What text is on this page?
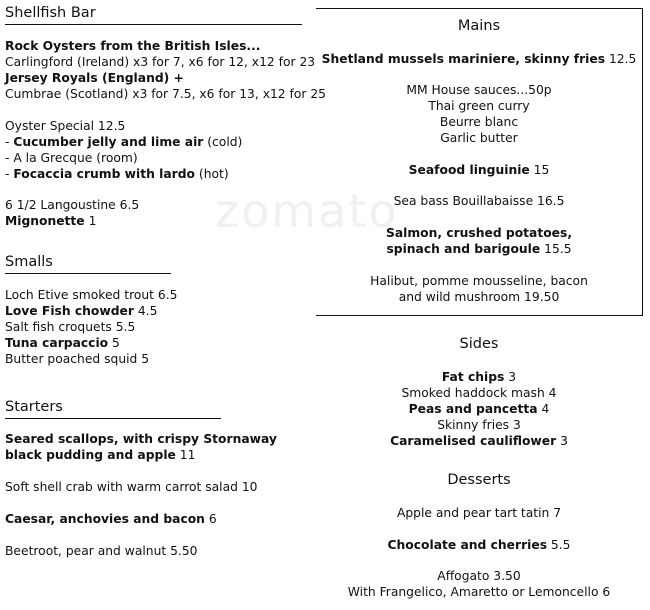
zomato
Shellfish Bar
Rock Oysters from the British Isles...
Carlingford (Ireland) x3 for 7, x6 for 12, x12 for 23
Jersey Royals (England) +
Cumbrae (Scotland) x3 for 7.5, x6 for 13, x12 for 25
Oyster Special 12.5
- Cucumber jelly and lime air (cold)
- A la Grecque (room)
- Focaccia crumb with lardo (hot)
6 1/2 Langoustine 6.5
Mignonette 1
Smalls
Loch Etive smoked trout 6.5
Love Fish chowder 4.5
Salt fish croquets 5.5
Tuna carpaccio 5
Butter poached squid 5
Starters
Seared scallops, with crispy Stornaway
black pudding and apple 11
Soft shell crab with warm carrot salad 10
Caesar, anchovies and bacon 6
Beetroot, pear and walnut 5.50
Mains
Shetland mussels mariniere, skinny fries 12.5
MM House sauces...50p
Thai green curry
Beurre blanc
Garlic butter
Seafood linguinie 15
Sea bass Bouillabaisse 16.5
Salmon, crushed potatoes,
spinach and barigoule 15.5
Halibut, pomme mousseline, bacon
and wild mushroom 19.50
Sides
Fat chips 3
Smoked haddock mash 4
Peas and pancetta 4
Skinny fries 3
Caramelised cauliflower 3
Desserts
Apple and pear tart tatin 7
Chocolate and cherries 5.5
Affogato 3.50
With Frangelico, Amaretto or Lemoncello 6
